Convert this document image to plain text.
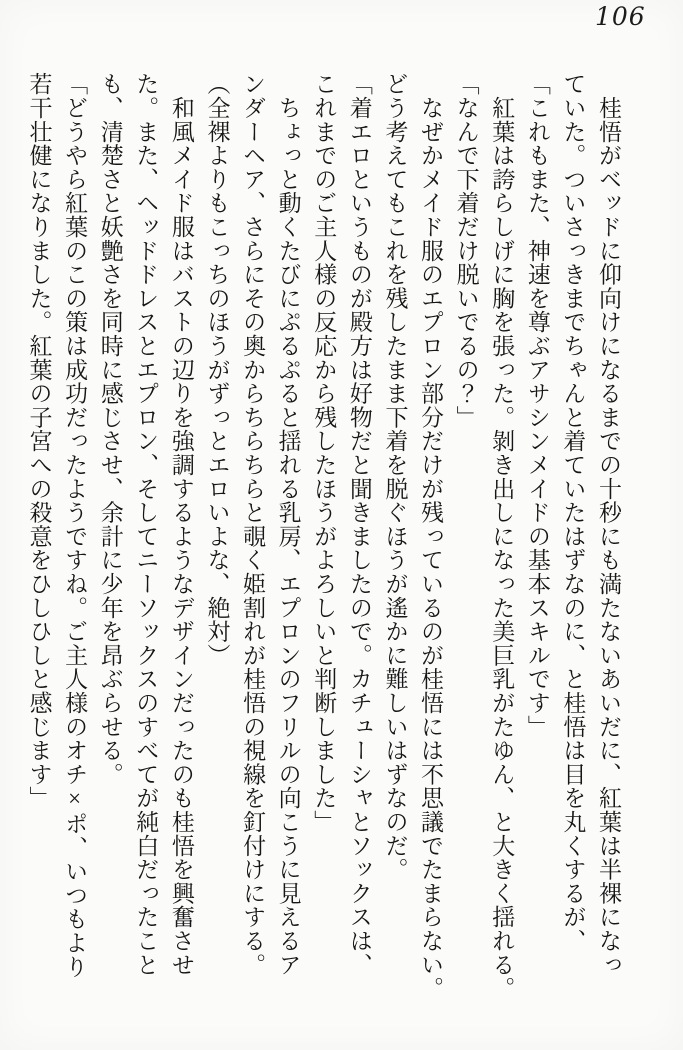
106
　桂悟がベッドに仰向けになるまでの十秒にも満たないあいだに、紅葉は半裸になっ
ていた。ついさっきまでちゃんと着ていたはずなのに、と桂悟は目を丸くするが、
「これもまた、神速を尊ぶアサシンメイドの基本スキルです」
　紅葉は誇らしげに胸を張った。剝き出しになった美巨乳がたゆん、と大きく揺れる。
「なんで下着だけ脱いでるの？」
　なぜかメイド服のエプロン部分だけが残っているのが桂悟には不思議でたまらない。
どう考えてもこれを残したまま下着を脱ぐほうが遙かに難しいはずなのだ。
「着エロというものが殿方は好物だと聞きましたので。カチューシャとソックスは、
これまでのご主人様の反応から残したほうがよろしいと判断しました」
　ちょっと動くたびにぷるぷると揺れる乳房、エプロンのフリルの向こうに見えるア
ンダーヘア、さらにその奥からちらちらと覗く姫割れが桂悟の視線を釘付けにする。
（全裸よりもこっちのほうがずっとエロいよな、絶対）
　和風メイド服はバストの辺りを強調するようなデザインだったのも桂悟を興奮させ
た。また、ヘッドドレスとエプロン、そしてニーソックスのすべてが純白だったこと
も、清楚さと妖艶さを同時に感じさせ、余計に少年を昂ぶらせる。
「どうやら紅葉のこの策は成功だったようですね。ご主人様のオチ×ポ、いつもより
若干壮健になりました。紅葉の子宮への殺意をひしひしと感じます」
